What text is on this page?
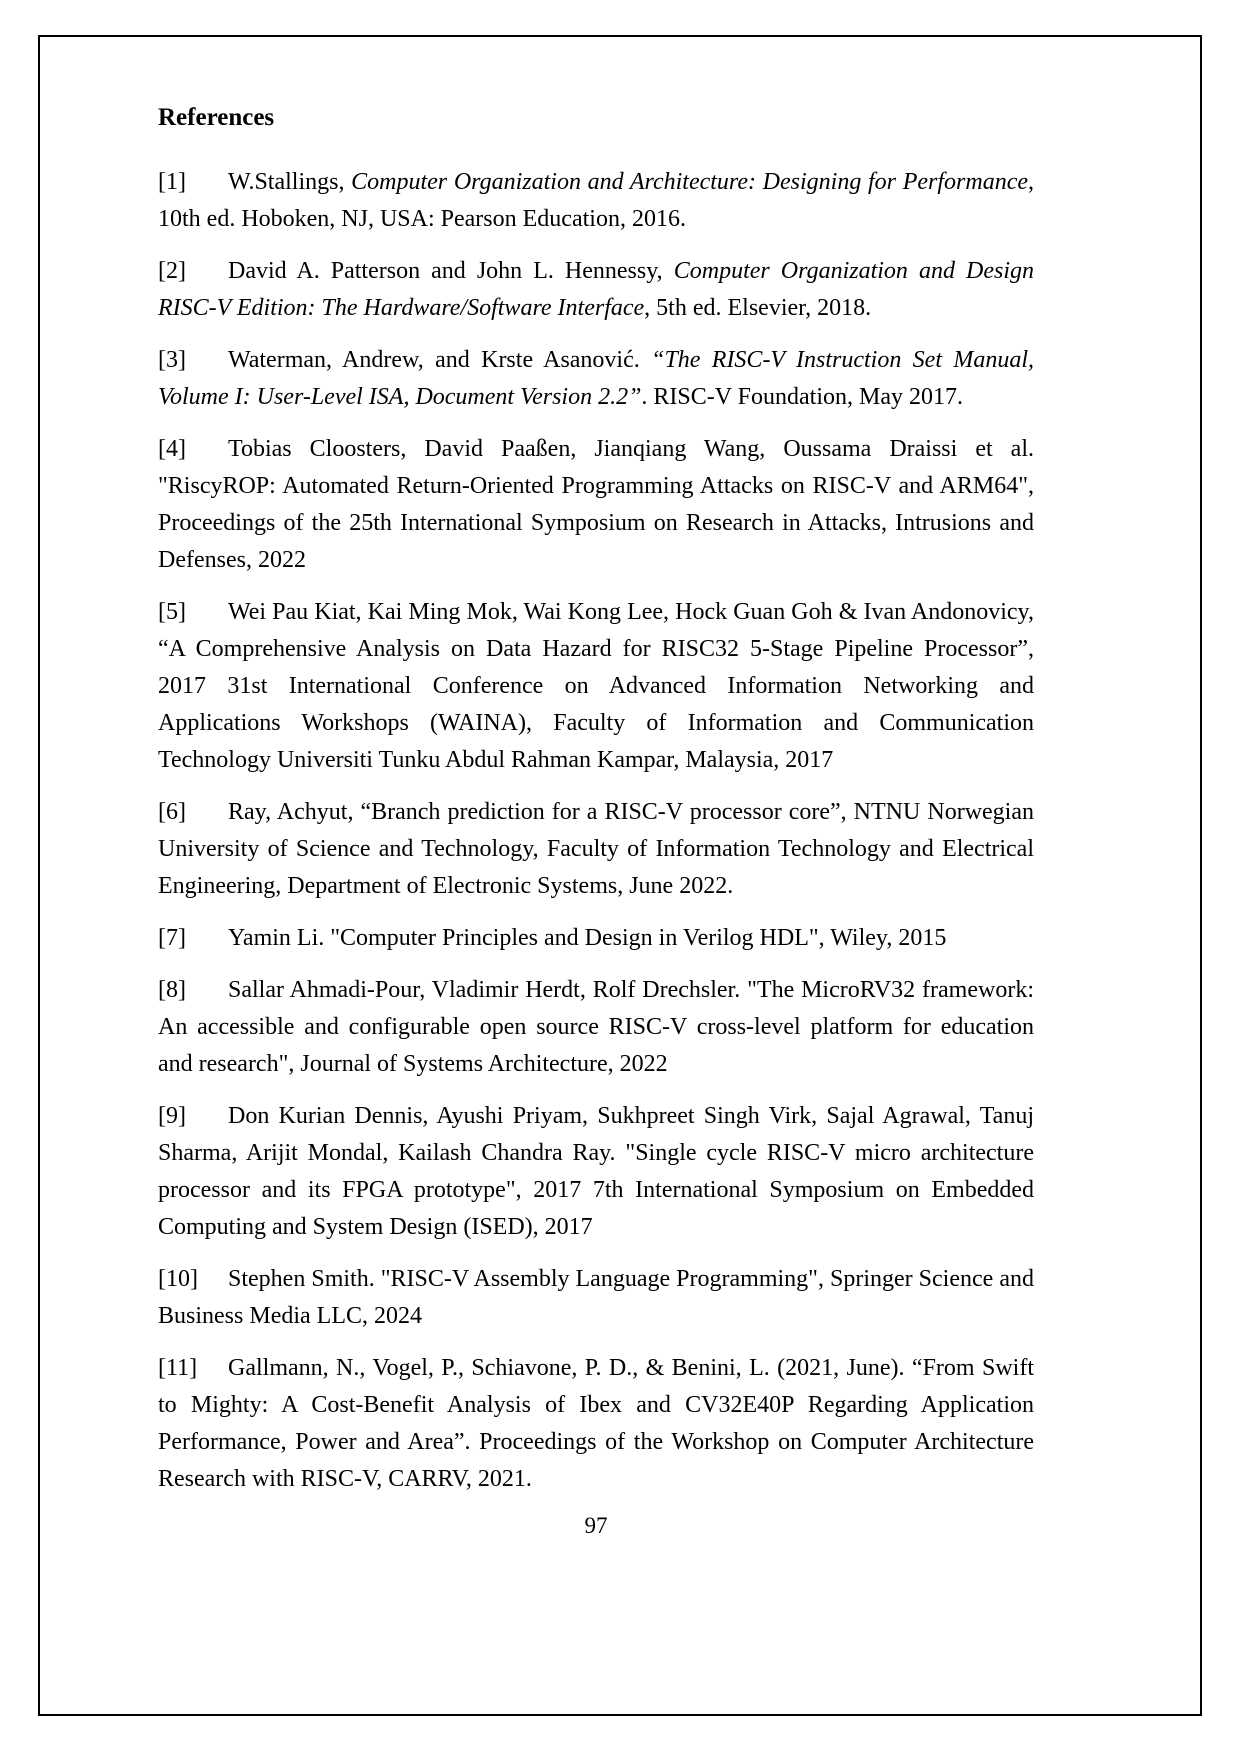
References

[1] W.Stallings, Computer Organization and Architecture: Designing for Performance, 10th ed. Hoboken, NJ, USA: Pearson Education, 2016.

[2] David A. Patterson and John L. Hennessy, Computer Organization and Design RISC-V Edition: The Hardware/Software Interface, 5th ed. Elsevier, 2018.

[3] Waterman, Andrew, and Krste Asanović. “The RISC-V Instruction Set Manual, Volume I: User-Level ISA, Document Version 2.2”. RISC-V Foundation, May 2017.

[4] Tobias Cloosters, David Paaßen, Jianqiang Wang, Oussama Draissi et al. "RiscyROP: Automated Return-Oriented Programming Attacks on RISC-V and ARM64", Proceedings of the 25th International Symposium on Research in Attacks, Intrusions and Defenses, 2022

[5] Wei Pau Kiat, Kai Ming Mok, Wai Kong Lee, Hock Guan Goh & Ivan Andonovicy, “A Comprehensive Analysis on Data Hazard for RISC32 5-Stage Pipeline Processor”, 2017 31st International Conference on Advanced Information Networking and Applications Workshops (WAINA), Faculty of Information and Communication Technology Universiti Tunku Abdul Rahman Kampar, Malaysia, 2017

[6] Ray, Achyut, “Branch prediction for a RISC-V processor core”, NTNU Norwegian University of Science and Technology, Faculty of Information Technology and Electrical Engineering, Department of Electronic Systems, June 2022.

[7] Yamin Li. "Computer Principles and Design in Verilog HDL", Wiley, 2015

[8] Sallar Ahmadi-Pour, Vladimir Herdt, Rolf Drechsler. "The MicroRV32 framework: An accessible and configurable open source RISC-V cross-level platform for education and research", Journal of Systems Architecture, 2022

[9] Don Kurian Dennis, Ayushi Priyam, Sukhpreet Singh Virk, Sajal Agrawal, Tanuj Sharma, Arijit Mondal, Kailash Chandra Ray. "Single cycle RISC-V micro architecture processor and its FPGA prototype", 2017 7th International Symposium on Embedded Computing and System Design (ISED), 2017

[10] Stephen Smith. "RISC-V Assembly Language Programming", Springer Science and Business Media LLC, 2024

[11] Gallmann, N., Vogel, P., Schiavone, P. D., & Benini, L. (2021, June). “From Swift to Mighty: A Cost-Benefit Analysis of Ibex and CV32E40P Regarding Application Performance, Power and Area”. Proceedings of the Workshop on Computer Architecture Research with RISC-V, CARRV, 2021.

97
